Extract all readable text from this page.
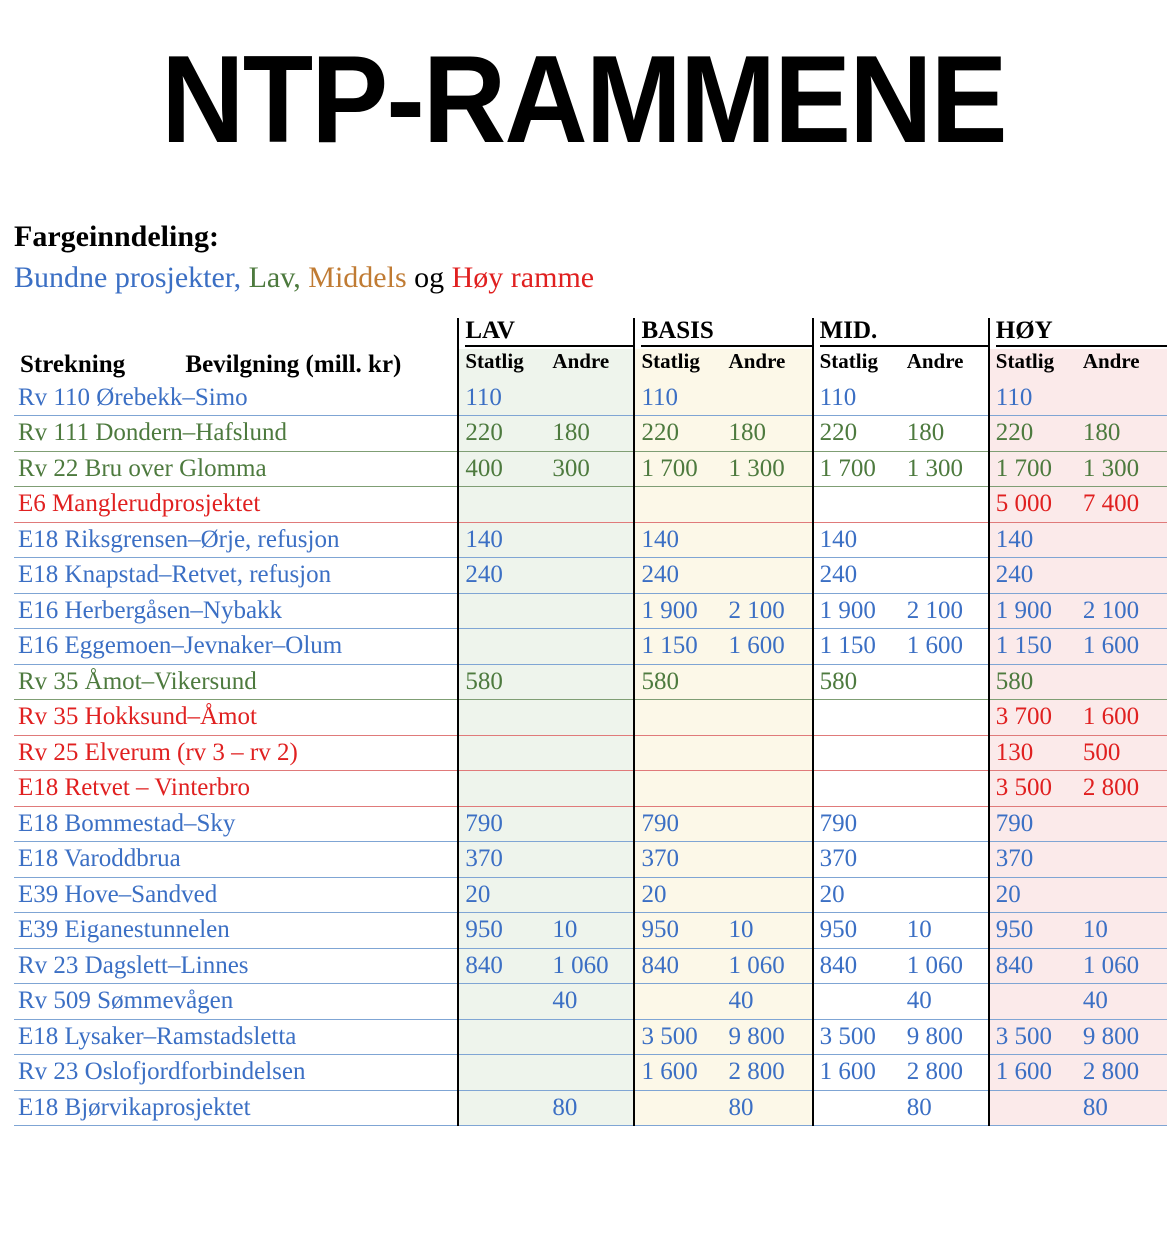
NTP-RAMMENE
Fargeinndeling:
Bundne prosjekter, Lav, Middels og Høy ramme
Strekning Bevilgning (mill. kr)	LAV		BASIS		MID.		HØY	

	Statlig	Andre	Statlig	Andre	Statlig	Andre	Statlig	Andre
Rv 110 Ørebekk–Simo	110		110		110		110	
Rv 111 Dondern–Hafslund	220	180	220	180	220	180	220	180
Rv 22 Bru over Glomma	400	300	1 700	1 300	1 700	1 300	1 700	1 300
E6 Manglerudprosjektet							5 000	7 400
E18 Riksgrensen–Ørje, refusjon	140		140		140		140	
E18 Knapstad–Retvet, refusjon	240		240		240		240	
E16 Herbergåsen–Nybakk			1 900	2 100	1 900	2 100	1 900	2 100
E16 Eggemoen–Jevnaker–Olum			1 150	1 600	1 150	1 600	1 150	1 600
Rv 35 Åmot–Vikersund	580		580		580		580	
Rv 35 Hokksund–Åmot							3 700	1 600
Rv 25 Elverum (rv 3 – rv 2)							130	500
E18 Retvet – Vinterbro							3 500	2 800
E18 Bommestad–Sky	790		790		790		790	
E18 Varoddbrua	370		370		370		370	
E39 Hove–Sandved	20		20		20		20	
E39 Eiganestunnelen	950	10	950	10	950	10	950	10
Rv 23 Dagslett–Linnes	840	1 060	840	1 060	840	1 060	840	1 060
Rv 509 Sømmevågen		40		40		40		40
E18 Lysaker–Ramstadsletta			3 500	9 800	3 500	9 800	3 500	9 800
Rv 23 Oslofjordforbindelsen			1 600	2 800	1 600	2 800	1 600	2 800
E18 Bjørvikaprosjektet		80		80		80		80
